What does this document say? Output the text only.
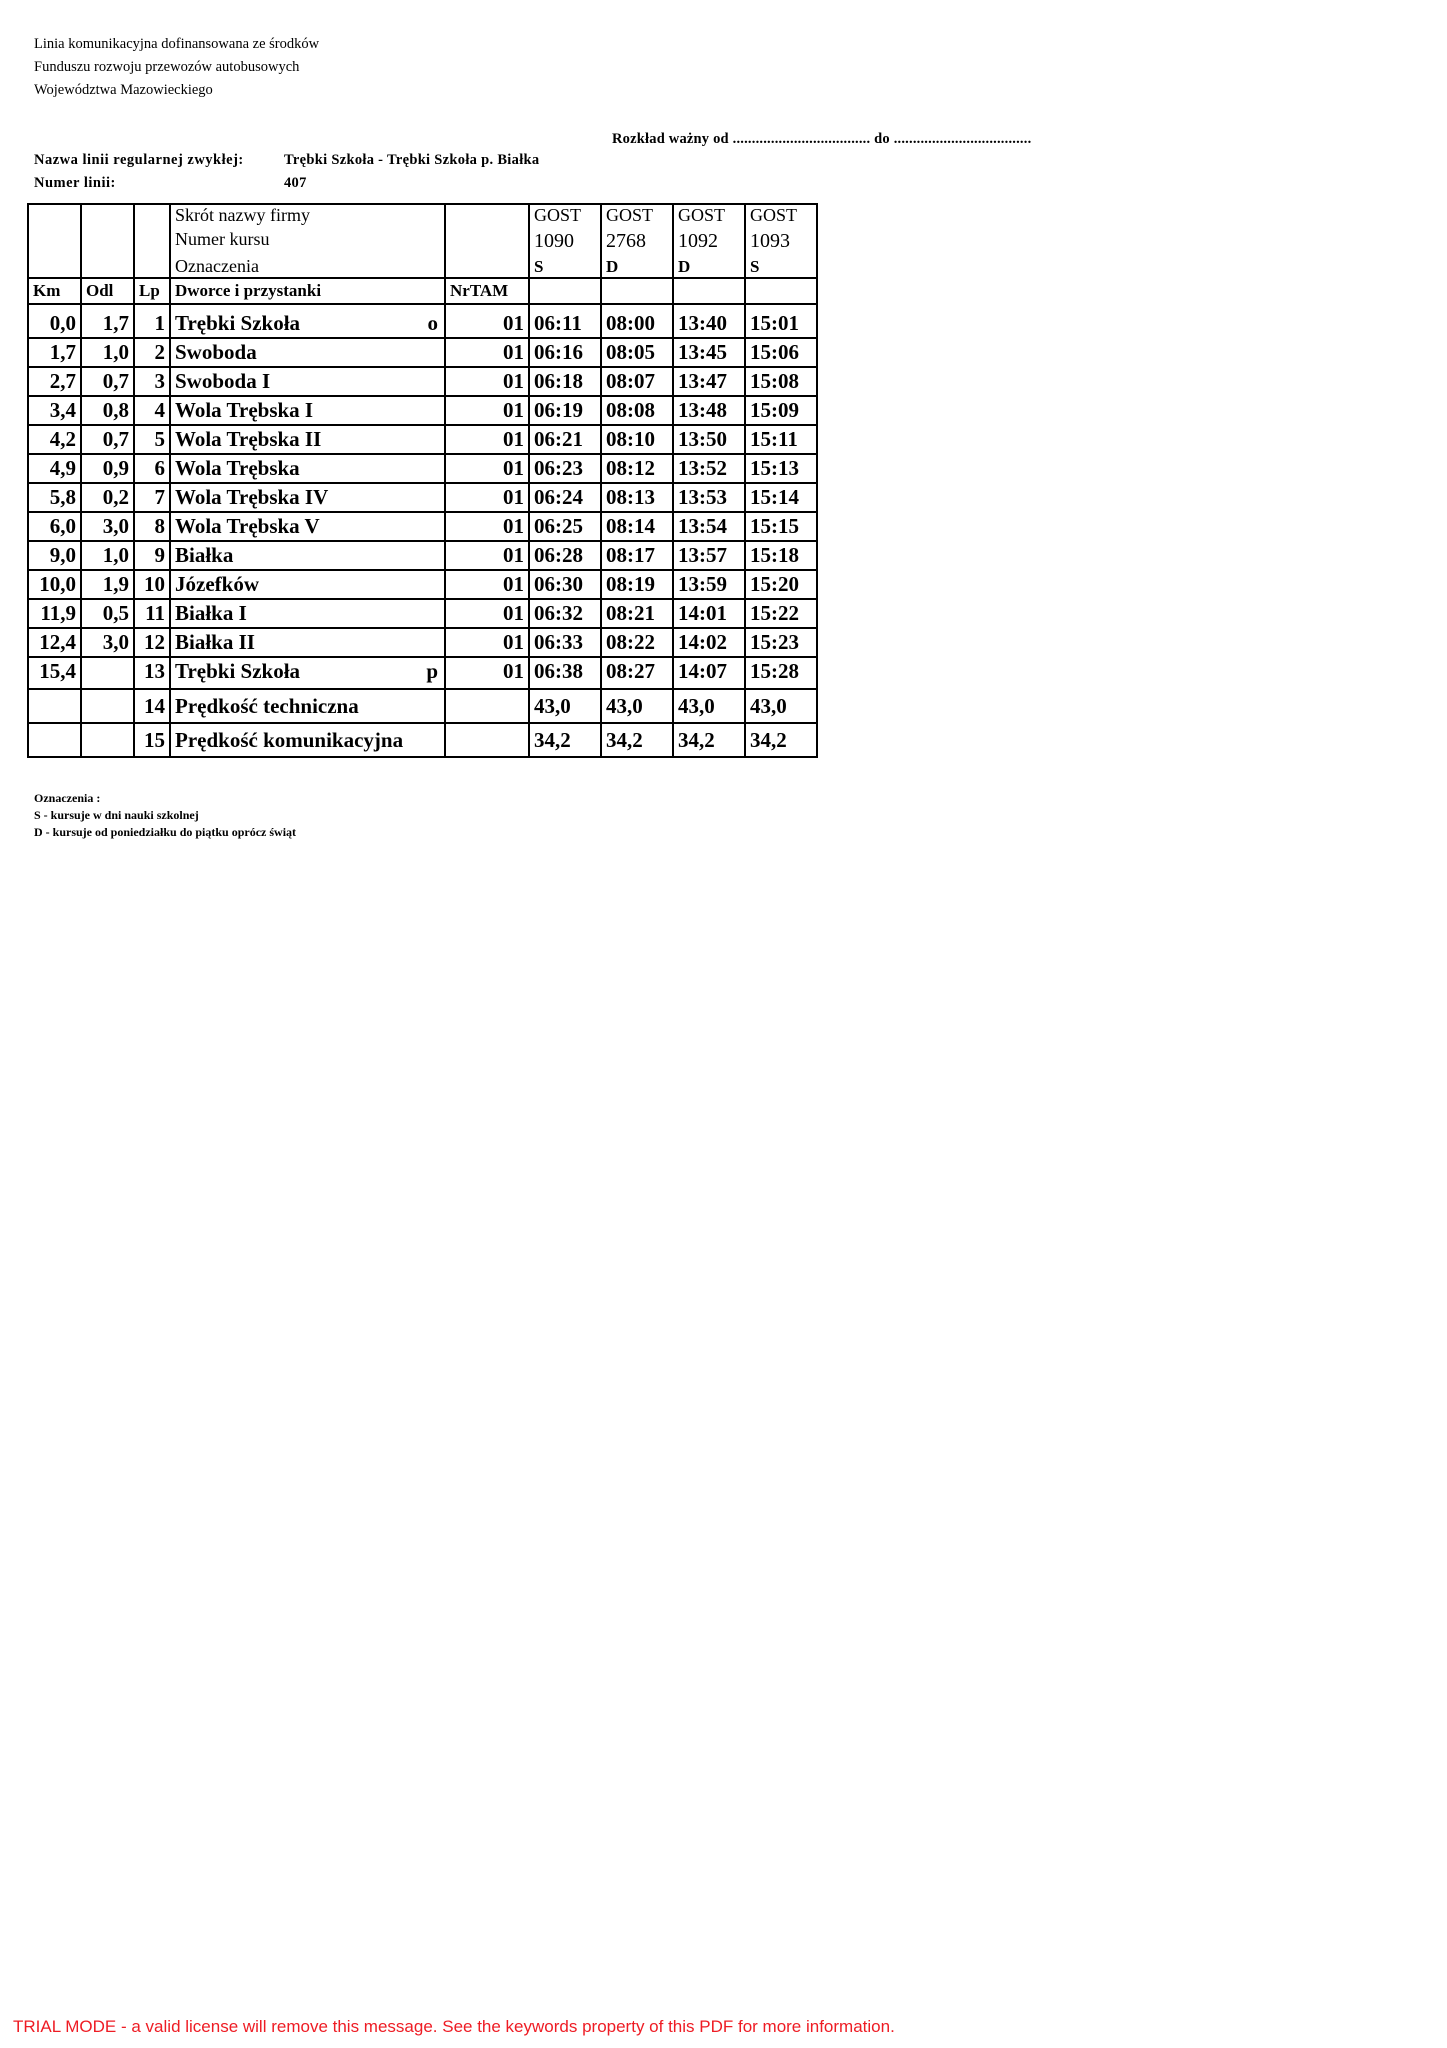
Linia komunikacyjna dofinansowana ze środków
Funduszu rozwoju przewozów autobusowych
Województwa Mazowieckiego
Rozkład ważny od .................................... do ....................................
Nazwa linii regularnej zwykłej:	Trębki Szkoła - Trębki Szkoła p. Białka
Numer linii:	407
			Skrót nazwy firmy		GOST	GOST	GOST	GOST
			Numer kursu		1090	2768	1092	1093
			Oznaczenia		S	D	D	S
Km	Odl	Lp	Dworce i przystanki	NrTAM				
0,0	1,7	1	Trębki Szkoła o	01	06:11	08:00	13:40	15:01
1,7	1,0	2	Swoboda	01	06:16	08:05	13:45	15:06
2,7	0,7	3	Swoboda I	01	06:18	08:07	13:47	15:08
3,4	0,8	4	Wola Trębska I	01	06:19	08:08	13:48	15:09
4,2	0,7	5	Wola Trębska II	01	06:21	08:10	13:50	15:11
4,9	0,9	6	Wola Trębska	01	06:23	08:12	13:52	15:13
5,8	0,2	7	Wola Trębska IV	01	06:24	08:13	13:53	15:14
6,0	3,0	8	Wola Trębska V	01	06:25	08:14	13:54	15:15
9,0	1,0	9	Białka	01	06:28	08:17	13:57	15:18
10,0	1,9	10	Józefków	01	06:30	08:19	13:59	15:20
11,9	0,5	11	Białka I	01	06:32	08:21	14:01	15:22
12,4	3,0	12	Białka II	01	06:33	08:22	14:02	15:23
15,4		13	Trębki Szkoła p	01	06:38	08:27	14:07	15:28
		14	Prędkość techniczna		43,0	43,0	43,0	43,0
		15	Prędkość komunikacyjna		34,2	34,2	34,2	34,2
Oznaczenia :
S - kursuje w dni nauki szkolnej
D - kursuje od poniedziałku do piątku oprócz świąt
TRIAL MODE - a valid license will remove this message. See the keywords property of this PDF for more information.
